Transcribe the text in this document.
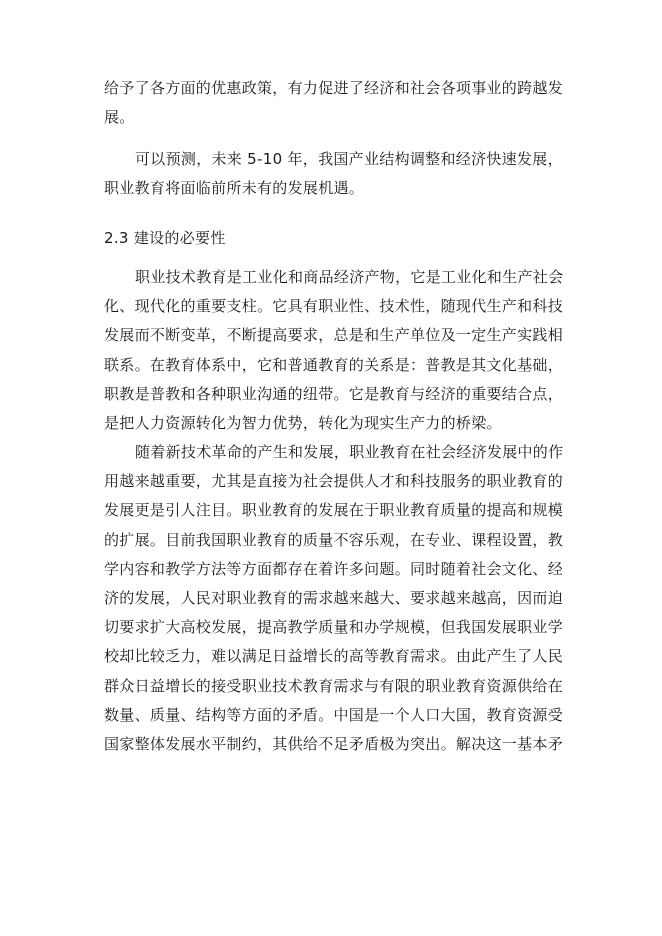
给予了各方面的优惠政策，有力促进了经济和社会各项事业的跨越发
展。

可以预测，未来 5-10 年，我国产业结构调整和经济快速发展，
职业教育将面临前所未有的发展机遇。

2.3 建设的必要性

职业技术教育是工业化和商品经济产物，它是工业化和生产社会
化、现代化的重要支柱。它具有职业性、技术性，随现代生产和科技
发展而不断变革，不断提高要求，总是和生产单位及一定生产实践相
联系。在教育体系中，它和普通教育的关系是：普教是其文化基础，
职教是普教和各种职业沟通的纽带。它是教育与经济的重要结合点，
是把人力资源转化为智力优势，转化为现实生产力的桥梁。

随着新技术革命的产生和发展，职业教育在社会经济发展中的作
用越来越重要，尤其是直接为社会提供人才和科技服务的职业教育的
发展更是引人注目。职业教育的发展在于职业教育质量的提高和规模
的扩展。目前我国职业教育的质量不容乐观，在专业、课程设置，教
学内容和教学方法等方面都存在着许多问题。同时随着社会文化、经
济的发展，人民对职业教育的需求越来越大、要求越来越高，因而迫
切要求扩大高校发展，提高教学质量和办学规模，但我国发展职业学
校却比较乏力，难以满足日益增长的高等教育需求。由此产生了人民
群众日益增长的接受职业技术教育需求与有限的职业教育资源供给在
数量、质量、结构等方面的矛盾。中国是一个人口大国，教育资源受
国家整体发展水平制约，其供给不足矛盾极为突出。解决这一基本矛
